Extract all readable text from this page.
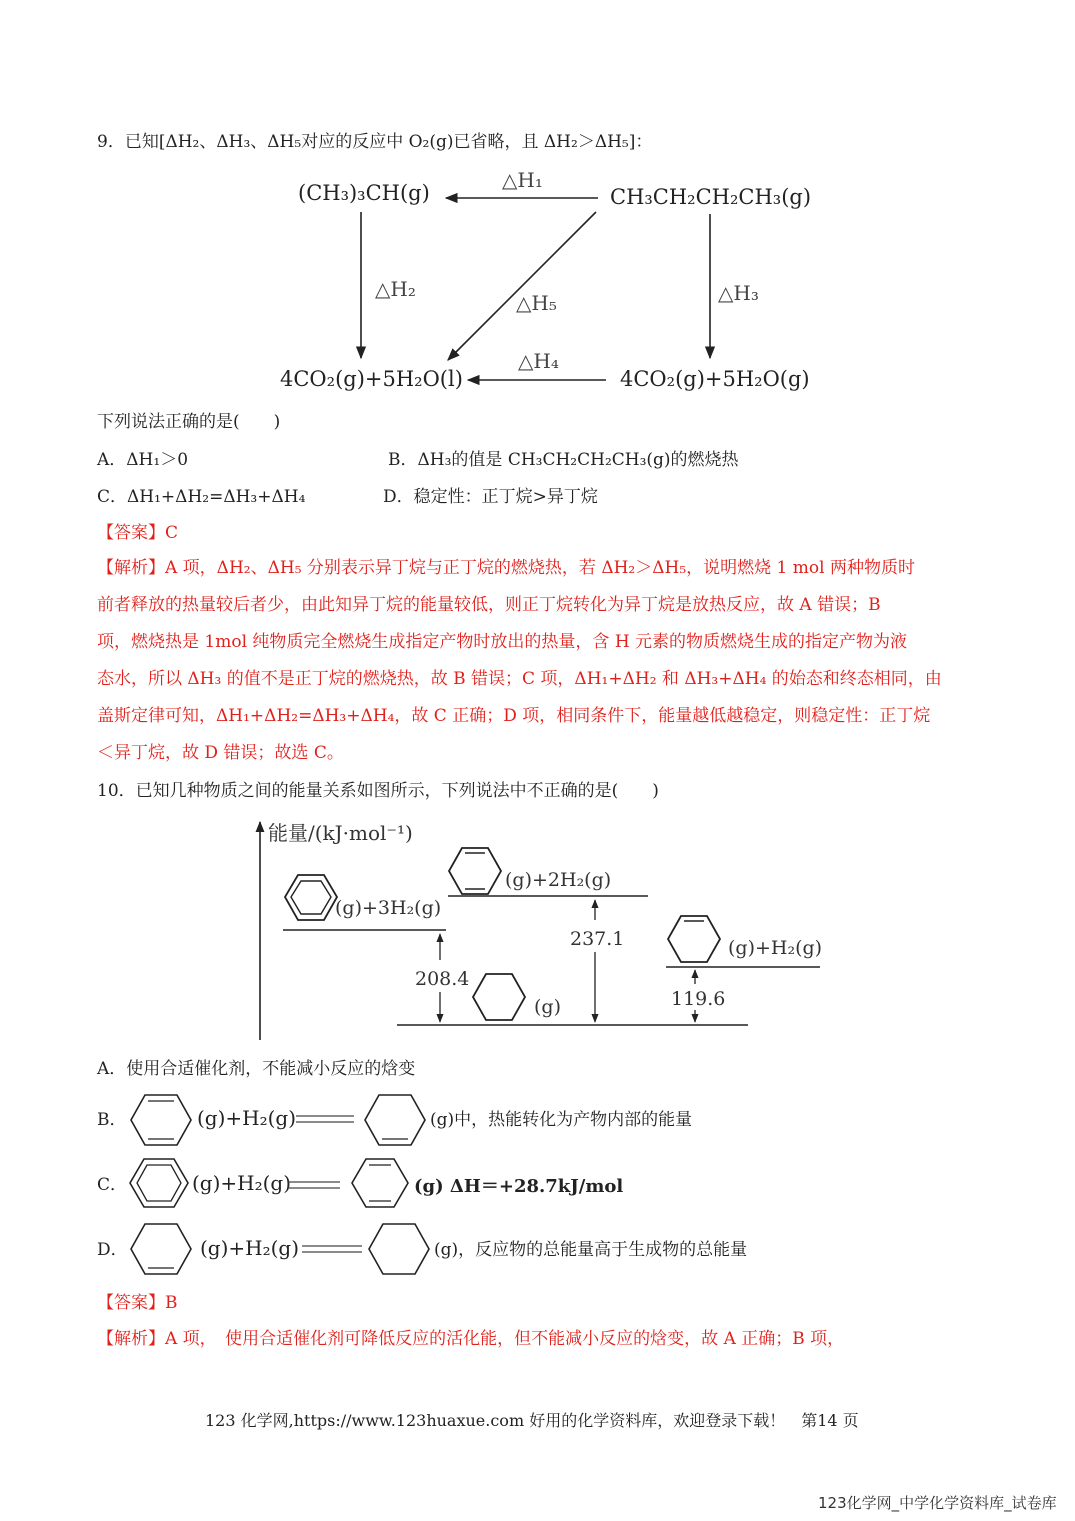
9．已知[ΔH₂、ΔH₃、ΔH₅对应的反应中 O₂(g)已省略，且 ΔH₂＞ΔH₅]：
(CH₃)₃CH(g)	CH₃CH₂CH₂CH₃(g)
4CO₂(g)+5H₂O(l)	4CO₂(g)+5H₂O(g)
△H₁
△H₂	△H₃
△H₄
△H₅
下列说法正确的是(　　)
A．ΔH₁＞0	B．ΔH₃的值是 CH₃CH₂CH₂CH₃(g)的燃烧热
C．ΔH₁+ΔH₂=ΔH₃+ΔH₄	D．稳定性：正丁烷>异丁烷
【答案】C
【解析】A 项，ΔH₂、ΔH₅ 分别表示异丁烷与正丁烷的燃烧热，若 ΔH₂＞ΔH₅，说明燃烧 1 mol 两种物质时
前者释放的热量较后者少，由此知异丁烷的能量较低，则正丁烷转化为异丁烷是放热反应，故 A 错误；B
项，燃烧热是 1mol 纯物质完全燃烧生成指定产物时放出的热量，含 H 元素的物质燃烧生成的指定产物为液
态水，所以 ΔH₃ 的值不是正丁烷的燃烧热，故 B 错误；C 项，ΔH₁+ΔH₂ 和 ΔH₃+ΔH₄ 的始态和终态相同，由
盖斯定律可知，ΔH₁+ΔH₂=ΔH₃+ΔH₄，故 C 正确；D 项，相同条件下，能量越低越稳定，则稳定性：正丁烷
＜异丁烷，故 D 错误；故选 C。
10．已知几种物质之间的能量关系如图所示，下列说法中不正确的是(　　)
能量/(kJ·mol⁻¹)
(g)+3H₂(g)
(g)+2H₂(g)
(g)+H₂(g)
(g)
208.4
237.1
119.6
A．使用合适催化剂，不能减小反应的焓变
B．	(g)+H₂(g)	(g)中，热能转化为产物内部的能量
C．	(g)+H₂(g)	(g) ΔH＝+28.7kJ/mol
D．	(g)+H₂(g)	(g)，反应物的总能量高于生成物的总能量
【答案】B
【解析】A 项，　使用合适催化剂可降低反应的活化能，但不能减小反应的焓变，故 A 正确；B 项，
123 化学网,https://www.123huaxue.com 好用的化学资料库，欢迎登录下载！　第14 页
123化学网_中学化学资料库_试卷库
